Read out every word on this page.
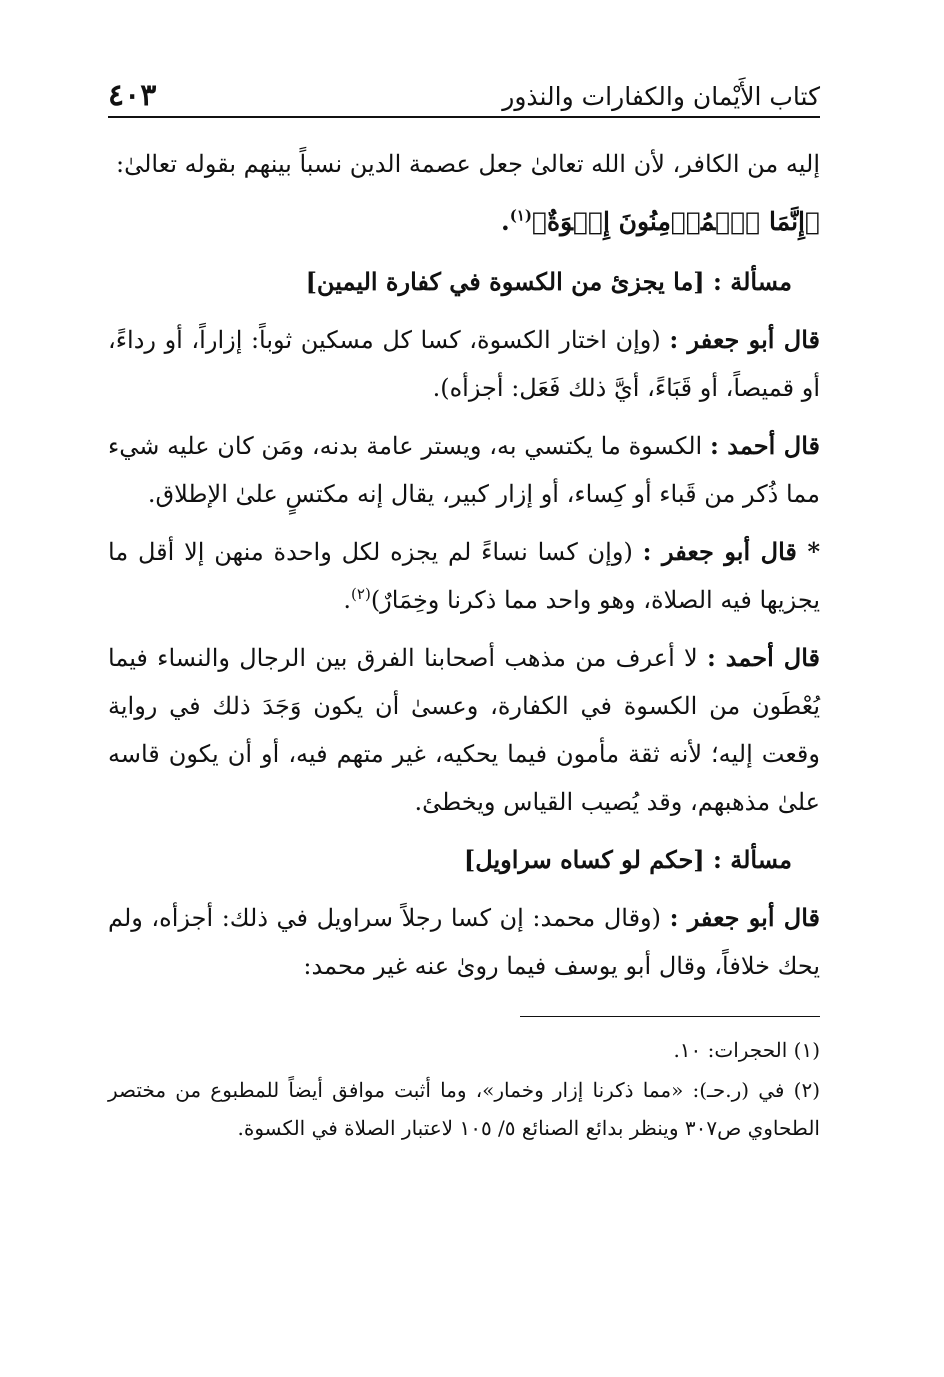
كتاب الأَيْمان والكفارات والنذور
٤٠٣

إليه من الكافر، لأن الله تعالىٰ جعل عصمة الدين نسباً بينهم بقوله تعالىٰ:

﴿إِنَّمَا ٱلۡمُؤۡمِنُونَ إِخۡوَةٌ﴾$^{(١)}$.

مسألة : [ما يجزئ من الكسوة في كفارة اليمين]

قال أبو جعفر : (وإن اختار الكسوة، كسا كل مسكين ثوباً: إزاراً، أو رداءً، أو قميصاً، أو قَبَاءً، أيَّ ذلك فَعَل: أجزأه).

قال أحمد : الكسوة ما يكتسي به، ويستر عامة بدنه، ومَن كان عليه شيء مما ذُكر من قَباء أو كِساء، أو إزار كبير، يقال إنه مكتسٍ علىٰ الإطلاق.

* قال أبو جعفر : (وإن كسا نساءً لم يجزه لكل واحدة منهن إلا أقل ما يجزيها فيه الصلاة، وهو واحد مما ذكرنا وخِمَارٌ)$^{(٢)}$.

قال أحمد : لا أعرف من مذهب أصحابنا الفرق بين الرجال والنساء فيما يُعْطَون من الكسوة في الكفارة، وعسىٰ أن يكون وَجَدَ ذلك في رواية وقعت إليه؛ لأنه ثقة مأمون فيما يحكيه، غير متهم فيه، أو أن يكون قاسه علىٰ مذهبهم، وقد يُصيب القياس ويخطئ.

مسألة : [حكم لو كساه سراويل]

قال أبو جعفر : (وقال محمد: إن كسا رجلاً سراويل في ذلك: أجزأه، ولم يحك خلافاً، وقال أبو يوسف فيما روىٰ عنه غير محمد:

(١) الحجرات: ١٠.

(٢) في (ر.حـ): «مما ذكرنا إزار وخمار»، وما أثبت موافق أيضاً للمطبوع من مختصر الطحاوي ص٣٠٧ وينظر بدائع الصنائع ٥/ ١٠٥ لاعتبار الصلاة في الكسوة.
